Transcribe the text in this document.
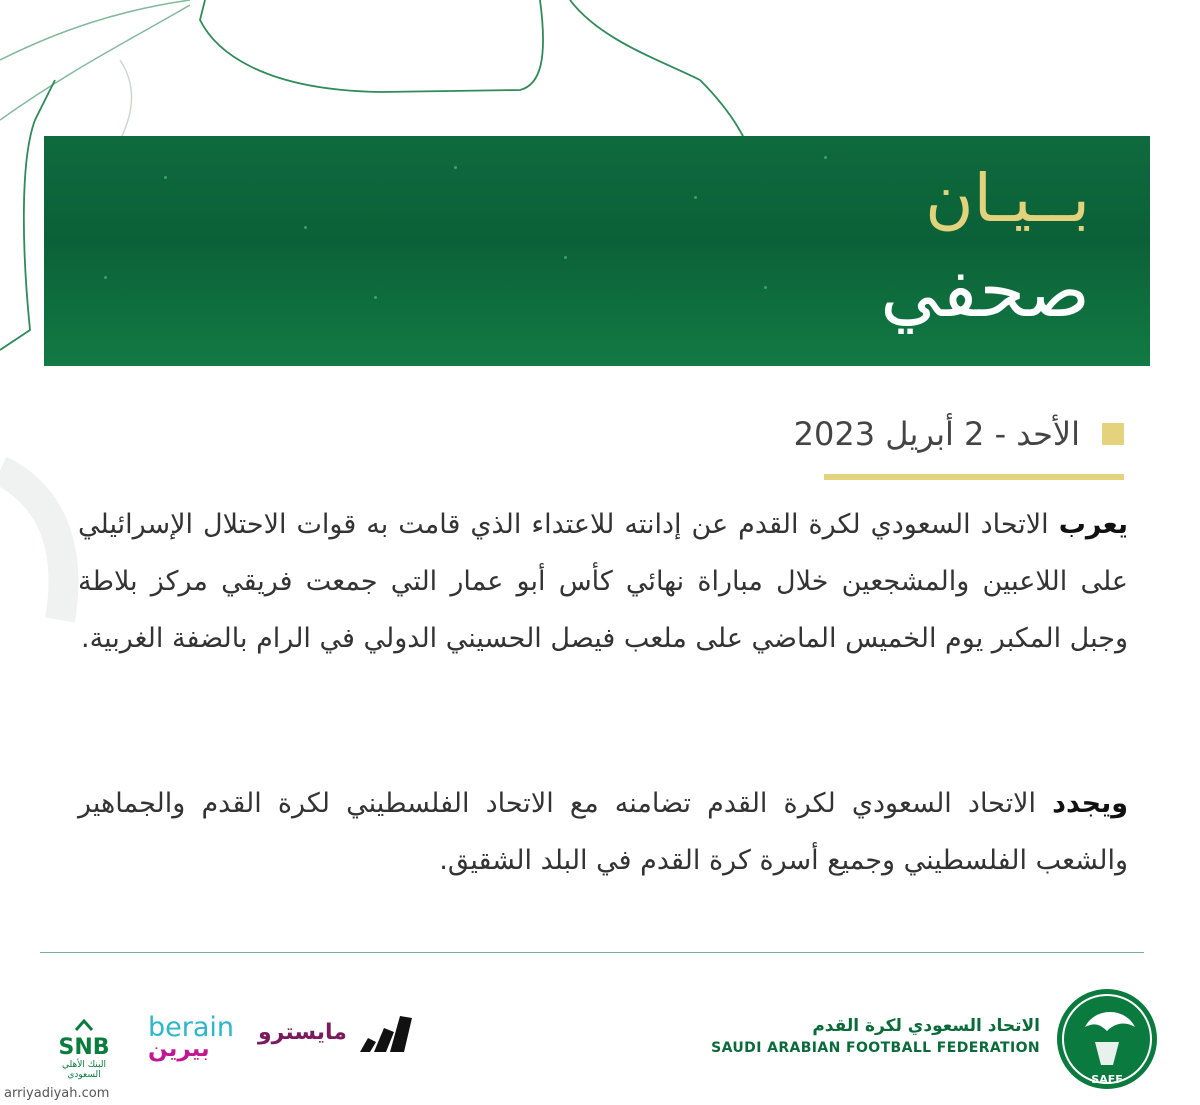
بــيـان
صحفي
الأحد - 2 أبريل 2023
يعرب الاتحاد السعودي لكرة القدم عن إدانته للاعتداء الذي قامت به قوات الاحتلال الإسرائيلي على اللاعبين والمشجعين خلال مباراة نهائي كأس أبو عمار التي جمعت فريقي مركز بلاطة وجبل المكبر يوم الخميس الماضي على ملعب فيصل الحسيني الدولي في الرام بالضفة الغربية.
ويجدد الاتحاد السعودي لكرة القدم تضامنه مع الاتحاد الفلسطيني لكرة القدم والجماهير والشعب الفلسطيني وجميع أسرة كرة القدم في البلد الشقيق.
SAFF
الاتحاد السعودي لكرة القدم
SAUDI ARABIAN FOOTBALL FEDERATION
مايسترو
berain
بيرين
SNB
البنك الأهلي السعودي
arriyadiyah.com
